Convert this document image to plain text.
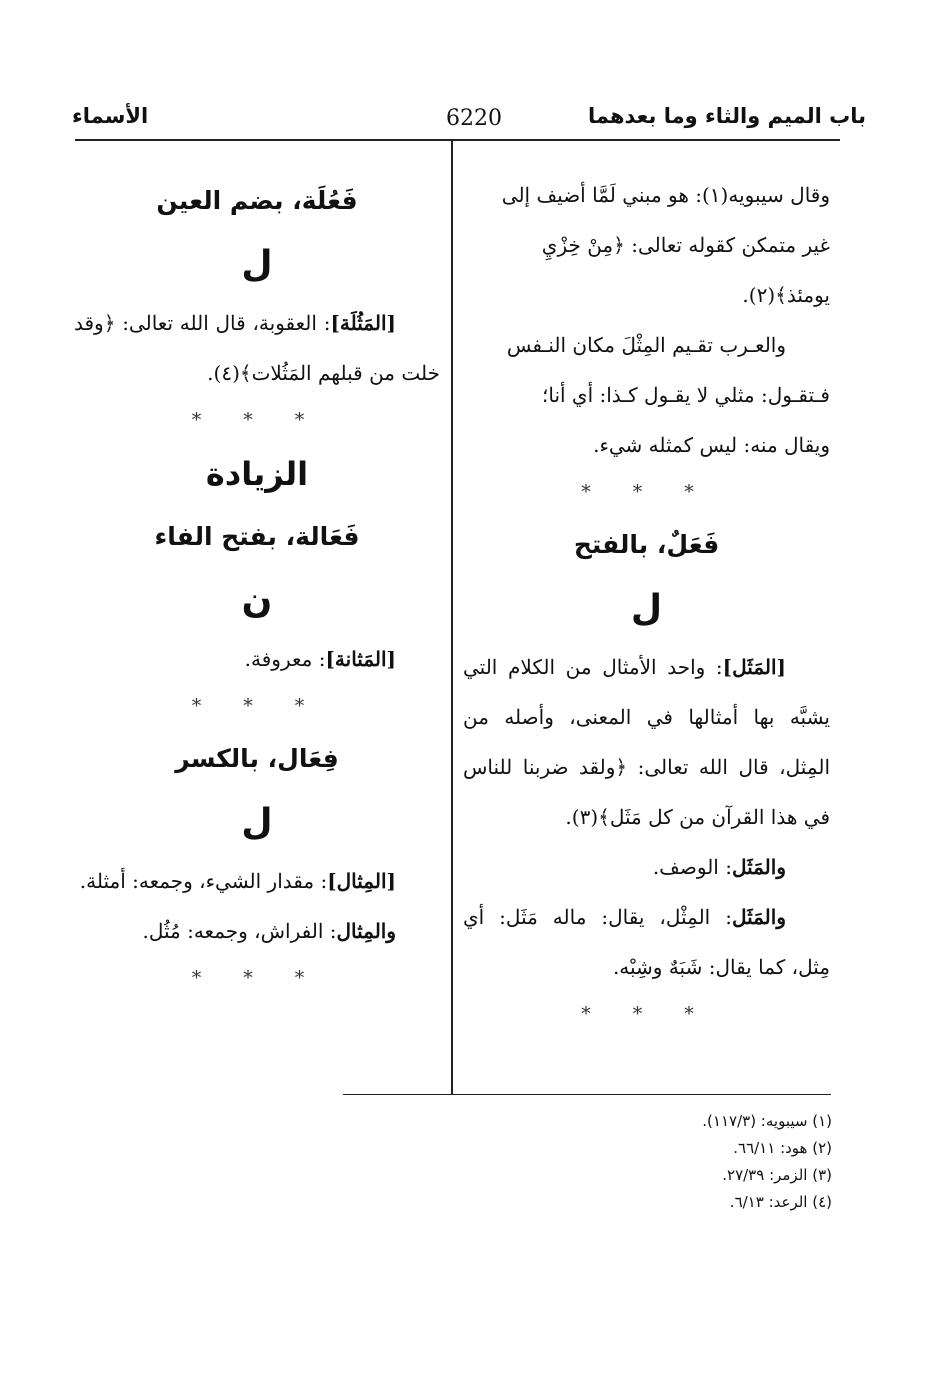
باب الميم والثاء وما بعدهما
6220
الأسماء

وقال سيبويه(١): هو مبني لَمَّا أضيف إلى

غير متمكن كقوله تعالى: ﴿مِنْ خِزْيِ

يومئذ﴾(٢).

والعـرب تقـيم المِثْلَ مكان النـفس

فـتقـول: مثلي لا يقـول كـذا: أي أنا؛

ويقال منه: ليس كمثله شيء.

* * *
فَعَلٌ، بالفتح
ل

[المَثَل]: واحد الأمثال من الكلام التي يشبَّه بها أمثالها في المعنى، وأصله من المِثل، قال الله تعالى: ﴿ولقد ضربنا للناس في هذا القرآن من كل مَثَل﴾(٣).

والمَثَل: الوصف.

والمَثَل: المِثْل، يقال: ماله مَثَل: أي مِثل، كما يقال: شَبَهٌ وشِبْه.

* * *
فَعُلَة، بضم العين
ل

[المَثُلَة]: العقوبة، قال الله تعالى: ﴿وقد خلت من قبلهم المَثُلات﴾(٤).

* * *
الزيادة
فَعَالة، بفتح الفاء
ن

[المَثانة]: معروفة.

* * *
فِعَال، بالكسر
ل

[المِثال]: مقدار الشيء، وجمعه: أمثلة.

والمِثال: الفراش، وجمعه: مُثُل.

* * *
(١) سيبويه: (١١٧/٣).
(٢) هود: ٦٦/١١.
(٣) الزمر: ٢٧/٣٩.
(٤) الرعد: ٦/١٣.
